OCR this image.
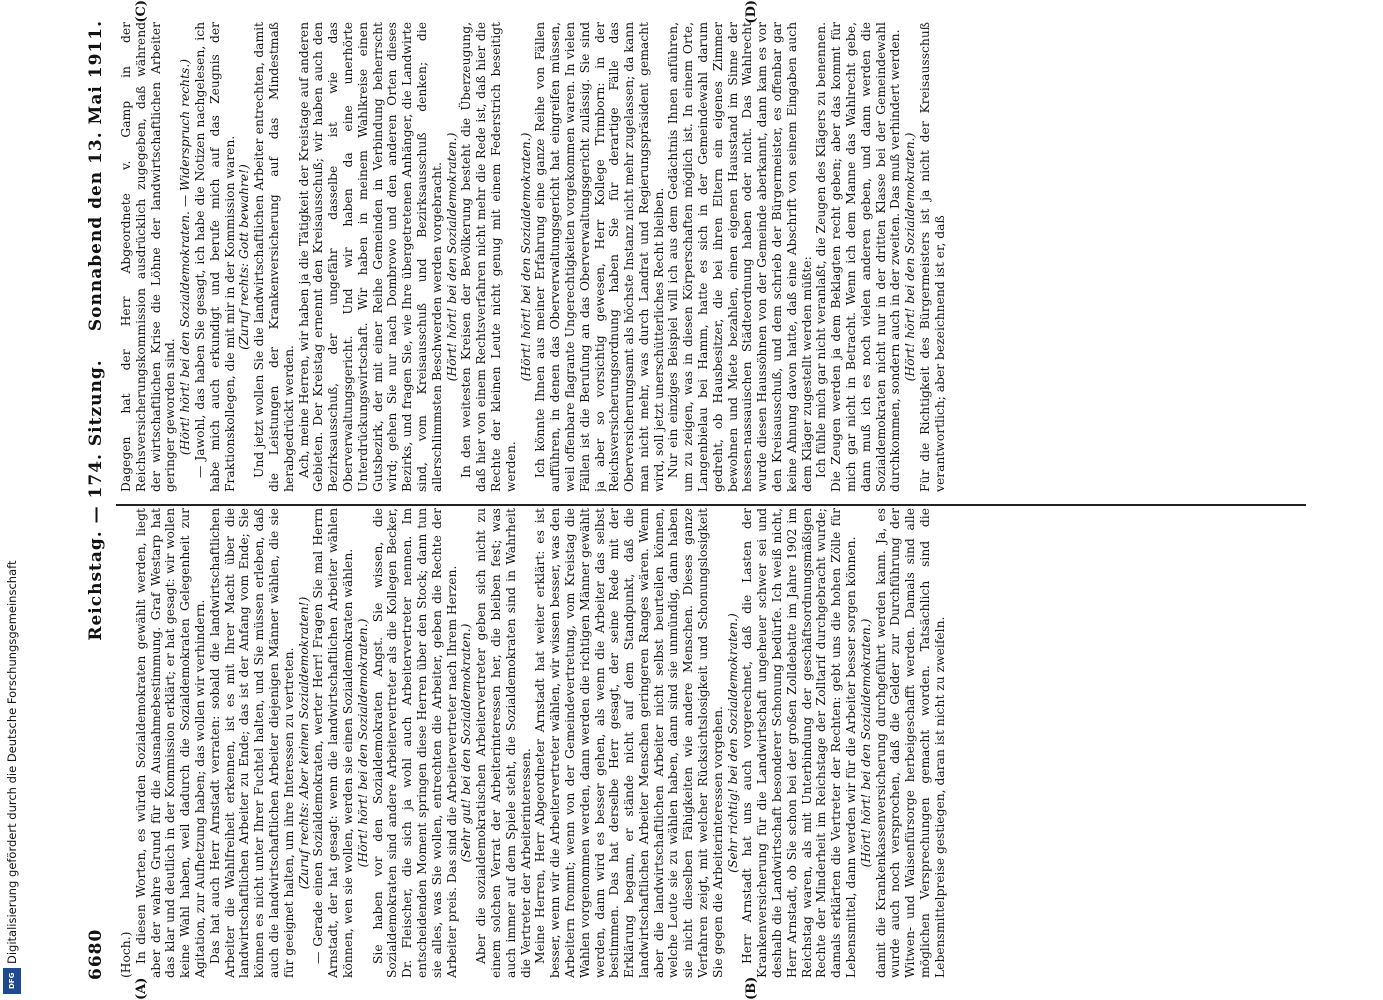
Digitalisierung gefördert durch die Deutsche Forschungsgemeinschaft
DFG
6680
Reichstag. — 174. Sitzung.
Sonnabend den 13. Mai 1911.
(A)	(B)
(C)	(D)

(Hoch.) In diesen Worten, es würden Sozialdemokraten gewählt werden, liegt aber der wahre Grund für die Ausnahmebestimmung. Graf Westarp hat das klar und deutlich in der Kommission erklärt; er hat gesagt: wir wollen keine Wahl haben, weil dadurch die Sozialdemokraten Gelegenheit zur Agitation, zur Aufhetzung haben; das wollen wir verhindern. Das hat auch Herr Arnstadt verraten: sobald die landwirtschaftlichen Arbeiter die Wahlfreiheit erkennen, ist es mit Ihrer Macht über die landwirtschaftlichen Arbeiter zu Ende; das ist der Anfang vom Ende; Sie können es nicht unter Ihrer Fuchtel halten, und Sie müssen erleben, daß auch die landwirtschaftlichen Arbeiter diejenigen Männer wählen, die sie für geeignet halten, um ihre Interessen zu vertreten. (Zuruf rechts: Aber keinen Sozialdemokraten!) — Gerade einen Sozialdemokraten, werter Herr! Fragen Sie mal Herrn Arnstadt, der hat gesagt: wenn die landwirtschaftlichen Arbeiter wählen können, wen sie wollen, werden sie einen Sozialdemokraten wählen. (Hört! hört! bei den Sozialdemokraten.) Sie haben vor den Sozialdemokraten Angst. Sie wissen, die Sozialdemokraten sind andere Arbeitervertreter als die Kollegen Becker, Dr. Fleischer, die sich ja wohl auch Arbeitervertreter nennen. Im entscheidenden Moment springen diese Herren über den Stock; dann tun sie alles, was Sie wollen, entrechten die Arbeiter, geben die Rechte der Arbeiter preis. Das sind die Arbeitervertreter nach Ihrem Herzen. (Sehr gut! bei den Sozialdemokraten.) Aber die sozialdemokratischen Arbeitervertreter geben sich nicht zu einem solchen Verrat der Arbeiterinteressen her, die bleiben fest; was auch immer auf dem Spiele steht, die Sozialdemokraten sind in Wahrheit die Vertreter der Arbeiterinteressen. Meine Herren, Herr Abgeordneter Arnstadt hat weiter erklärt: es ist besser, wenn wir die Arbeitervertreter wählen, wir wissen besser, was den Arbeitern frommt; wenn von der Gemeindevertretung, vom Kreistag die Wahlen vorgenommen werden, dann werden die richtigen Männer gewählt werden, dann wird es besser gehen, als wenn die Arbeiter das selbst bestimmen. Das hat derselbe Herr gesagt, der seine Rede mit der Erklärung begann, er stände nicht auf dem Standpunkt, daß die landwirtschaftlichen Arbeiter Menschen geringeren Ranges wären. Wenn aber die landwirtschaftlichen Arbeiter nicht selbst beurteilen können, welche Leute sie zu wählen haben, dann sind sie unmündig, dann haben sie nicht dieselben Fähigkeiten wie andere Menschen. Dieses ganze Verfahren zeigt, mit welcher Rücksichtslosigkeit und Schonungslosigkeit Sie gegen die Arbeiterinteressen vorgehen. (Sehr richtig! bei den Sozialdemokraten.) Herr Arnstadt hat uns auch vorgerechnet, daß die Lasten der Krankenversicherung für die Landwirtschaft ungeheuer schwer sei und deshalb die Landwirtschaft besonderer Schonung bedürfe. Ich weiß nicht, Herr Arnstadt, ob Sie schon bei der großen Zolldebatte im Jahre 1902 im Reichstag waren, als mit Unterbindung der geschäftsordnungsmäßigen Rechte der Minderheit im Reichstage der Zolltarif durchgebracht wurde; damals erklärten die Vertreter der Rechten: gebt uns die hohen Zölle für Lebensmittel, dann werden wir für die Arbeiter besser sorgen können. (Hört! hört! bei den Sozialdemokraten.) damit die Krankenkassenversicherung durchgeführt werden kann. Ja, es wurde auch noch versprochen, daß die Gelder zur Durchführung der Witwen- und Waisenfürsorge herbeigeschafft werden. Damals sind alle möglichen Versprechungen gemacht worden. Tatsächlich sind die Lebensmittelpreise gestiegen, daran ist nicht zu zweifeln.

Dagegen hat der Herr Abgeordnete v. Gamp in der Reichsversicherungskommission ausdrücklich zugegeben, daß während der wirtschaftlichen Krise die Löhne der landwirtschaftlichen Arbeiter geringer geworden sind. (Hört! hört! bei den Sozialdemokraten. — Widerspruch rechts.) — Jawohl, das haben Sie gesagt, ich habe die Notizen nachgelesen, ich habe mich auch erkundigt und berufe mich auf das Zeugnis der Fraktionskollegen, die mit mir in der Kommission waren. (Zuruf rechts: Gott bewahre!) Und jetzt wollen Sie die landwirtschaftlichen Arbeiter entrechten, damit die Leistungen der Krankenversicherung auf das Mindestmaß herabgedrückt werden. Ach, meine Herren, wir haben ja die Tätigkeit der Kreistage auf anderen Gebieten. Der Kreistag ernennt den Kreisausschuß; wir haben auch den Bezirksausschuß, der ungefähr dasselbe ist wie das Oberverwaltungsgericht. Und wir haben da eine unerhörte Unterdrückungswirtschaft. Wir haben in meinem Wahlkreise einen Gutsbezirk, der mit einer Reihe Gemeinden in Verbindung beherrscht wird; gehen Sie nur nach Dombrowo und den anderen Orten dieses Bezirks, und fragen Sie, wie Ihre übergetretenen Anhänger, die Landwirte sind, vom Kreisausschuß und Bezirksausschuß denken; die allerschlimmsten Beschwerden werden vorgebracht. (Hört! hört! bei den Sozialdemokraten.) In den weitesten Kreisen der Bevölkerung besteht die Überzeugung, daß hier von einem Rechtsverfahren nicht mehr die Rede ist, daß hier die Rechte der kleinen Leute nicht genug mit einem Federstrich beseitigt werden.

(Hört! hört! bei den Sozialdemokraten.) Ich könnte Ihnen aus meiner Erfahrung eine ganze Reihe von Fällen aufführen, in denen das Oberverwaltungsgericht hat eingreifen müssen, weil offenbare flagrante Ungerechtigkeiten vorgekommen waren. In vielen Fällen ist die Berufung an das Oberverwaltungsgericht zulässig. Sie sind ja aber so vorsichtig gewesen, Herr Kollege Trimborn: in der Reichsversicherungsordnung haben Sie für derartige Fälle das Oberversicherungsamt als höchste Instanz nicht mehr zugelassen; da kann man nicht mehr, was durch Landrat und Regierungspräsident gemacht wird, soll jetzt unerschütterliches Recht bleiben. Nur ein einziges Beispiel will ich aus dem Gedächtnis Ihnen anführen, um zu zeigen, was in diesen Körperschaften möglich ist. In einem Orte, Langenbielau bei Hamm, hatte es sich in der Gemeindewahl darum gedreht, ob Hausbesitzer, die bei ihren Eltern ein eigenes Zimmer bewohnen und Miete bezahlen, einen eigenen Hausstand im Sinne der hessen-nassauischen Städteordnung haben oder nicht. Das Wahlrecht wurde diesen Haussöhnen von der Gemeinde aberkannt, dann kam es vor den Kreisausschuß, und dem schrieb der Bürgermeister, es offenbar gar keine Ahnung davon hatte, daß eine Abschrift von seinem Eingaben auch dem Kläger zugestellt werden müßte: Ich fühle mich gar nicht veranlaßt, die Zeugen des Klägers zu benennen. Die Zeugen werden ja dem Beklagten recht geben; aber das kommt für mich gar nicht in Betracht. Wenn ich dem Manne das Wahlrecht gebe, dann muß ich es noch vielen anderen geben, und dann werden die Sozialdemokraten nicht nur in der dritten Klasse bei der Gemeindewahl durchkommen, sondern auch in der zweiten. Das muß verhindert werden. (Hört! hört! bei den Sozialdemokraten.) Für die Richtigkeit des Bürgermeisters ist ja nicht der Kreisausschuß verantwortlich; aber bezeichnend ist er, daß
